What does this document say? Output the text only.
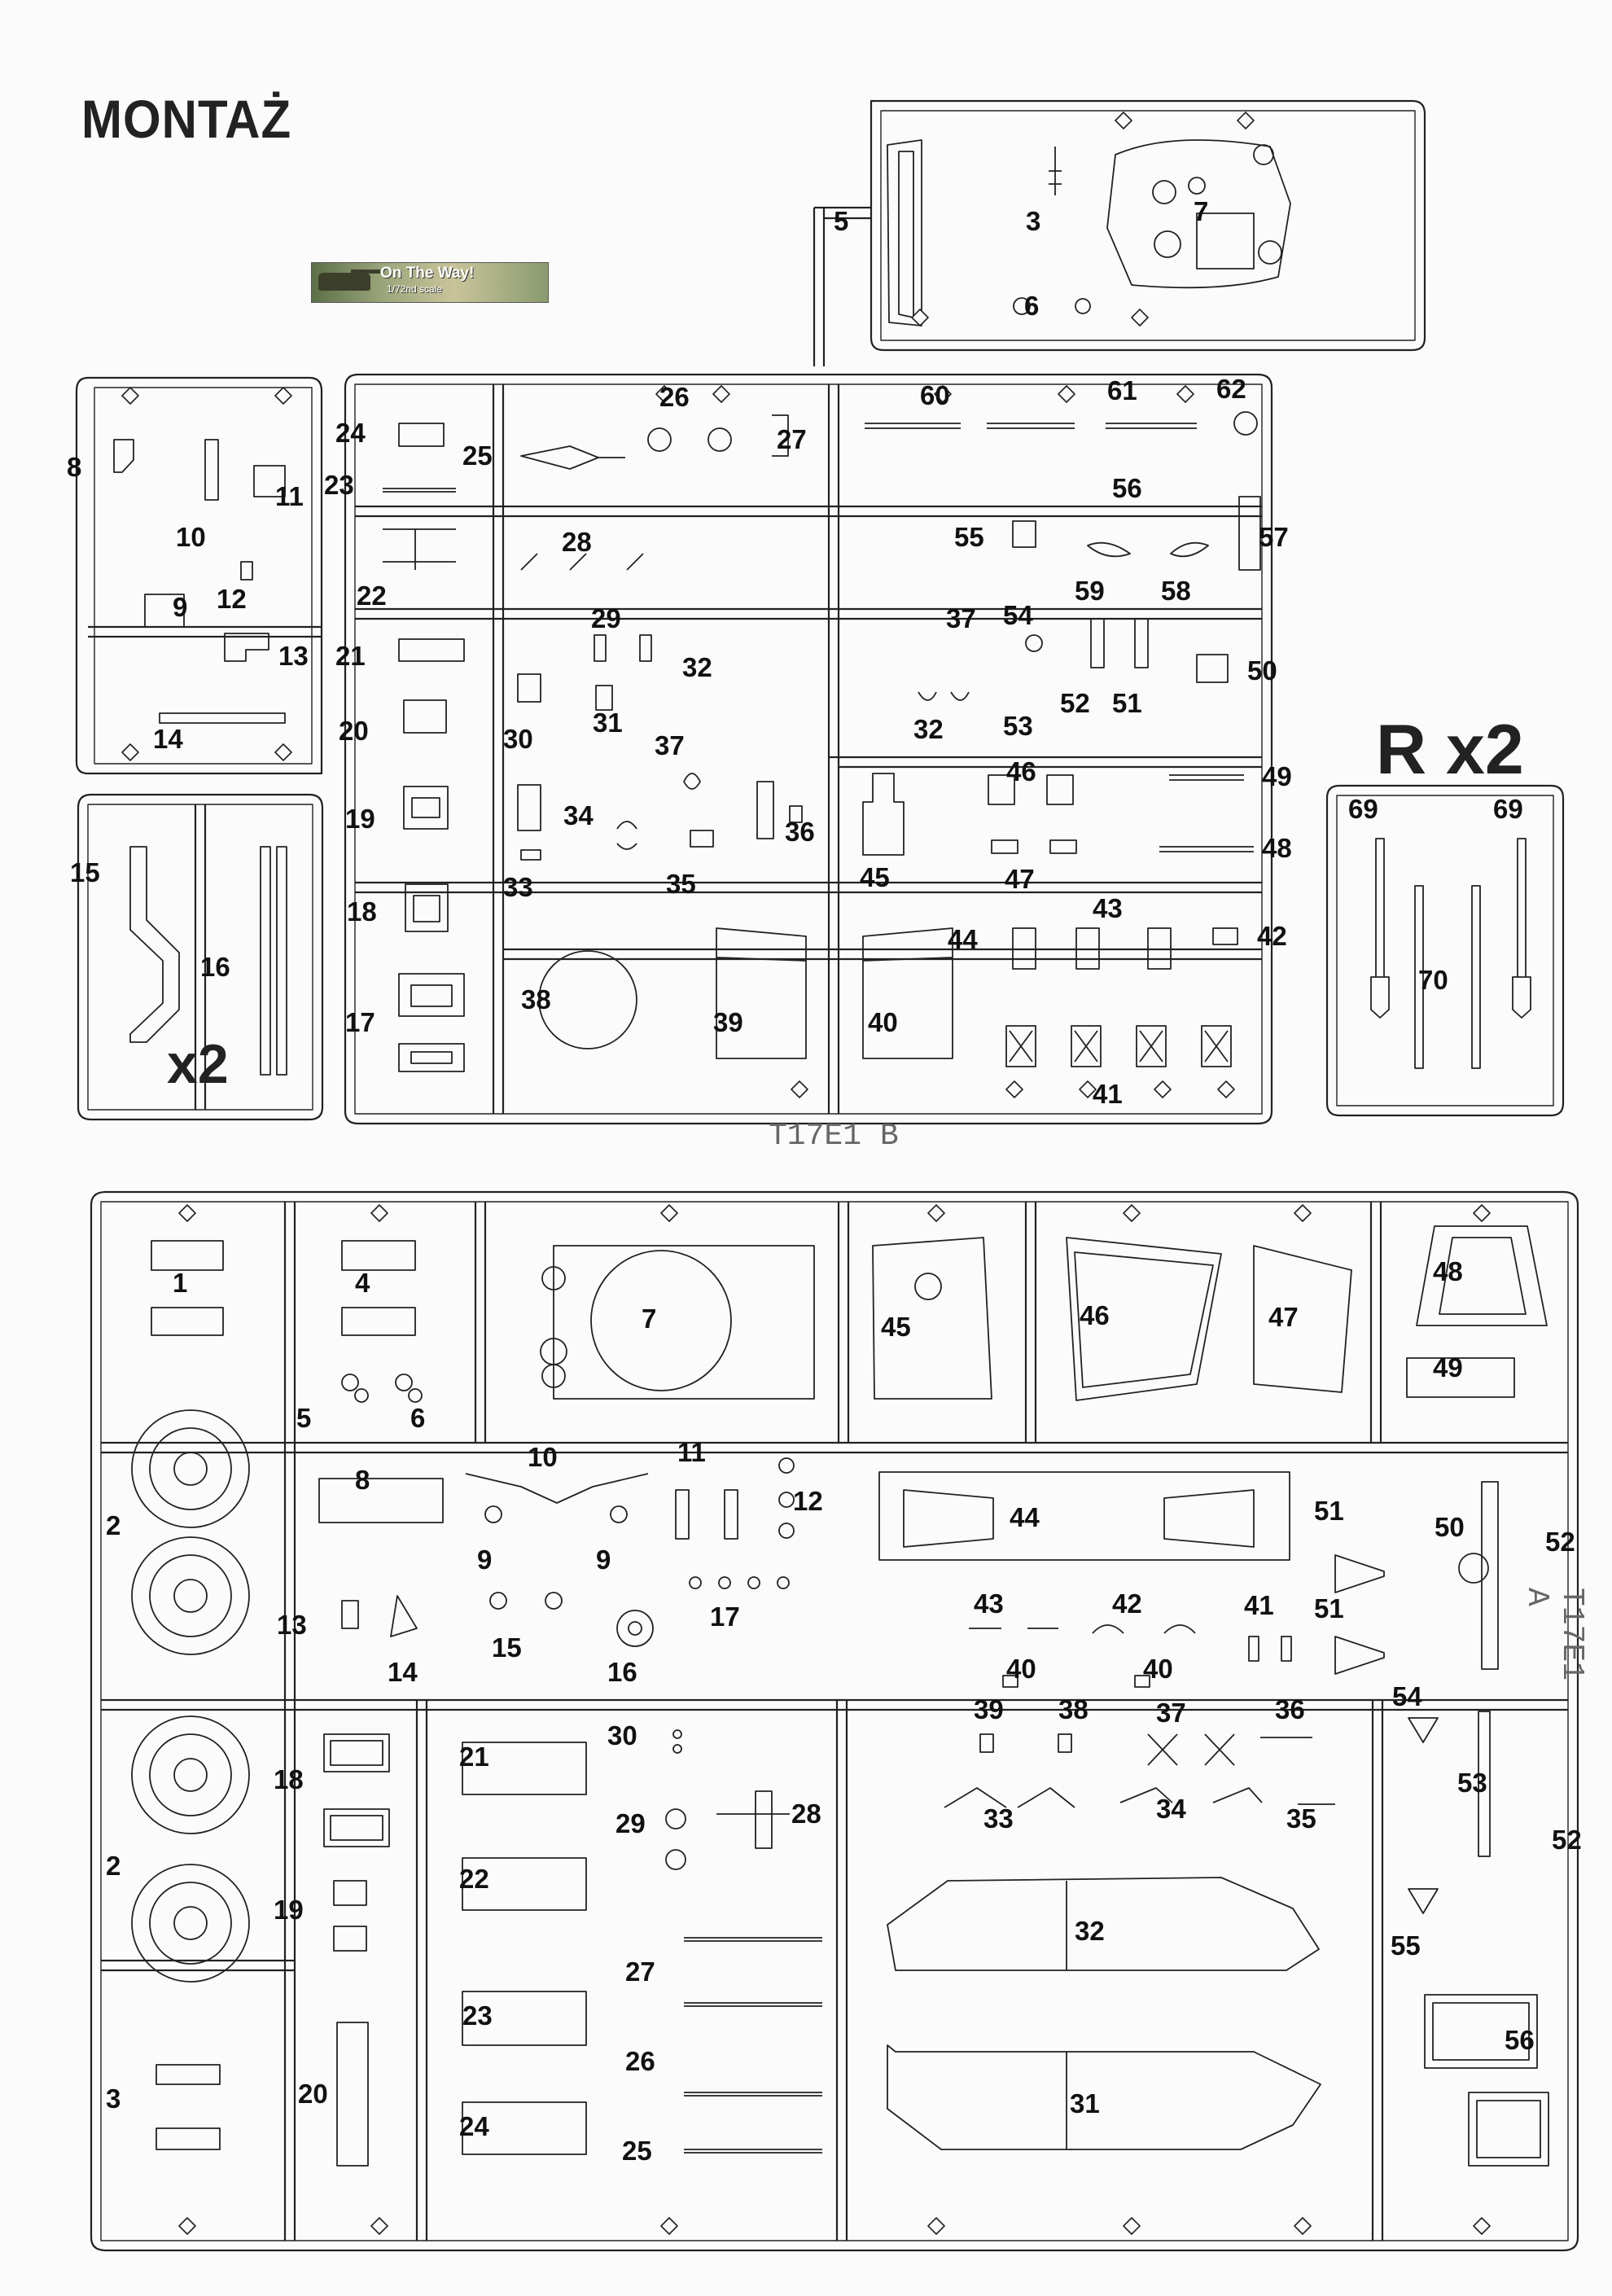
MONTAŻ
On The Way!
1/72nd scale
R x2
x2
T17E1 B
T17E1 A
5	3	7
6
8
11
10
9 12
13
14
24
25
23
22
21
20
19
18
17
26
27
28
29
30
31
32
37
34
33	35
36
38
39	40
60	61	62
56
55	57
59 58
37 54
50
52 51
32 53
46	49
45	47
48
44
43
42
41
15
16
69	69
70
1	4
7	45	46	47
48
49
5	6
2
8
10	11
12
44	51
50	52
9	9
13
14
15
16
17	43	42	41 51
40	40
39 38	37	36	54
53
18
21
30
28
29	33	34	35
32
52
2
19
22
27
55
23
20
26
56
3	31
24
25
